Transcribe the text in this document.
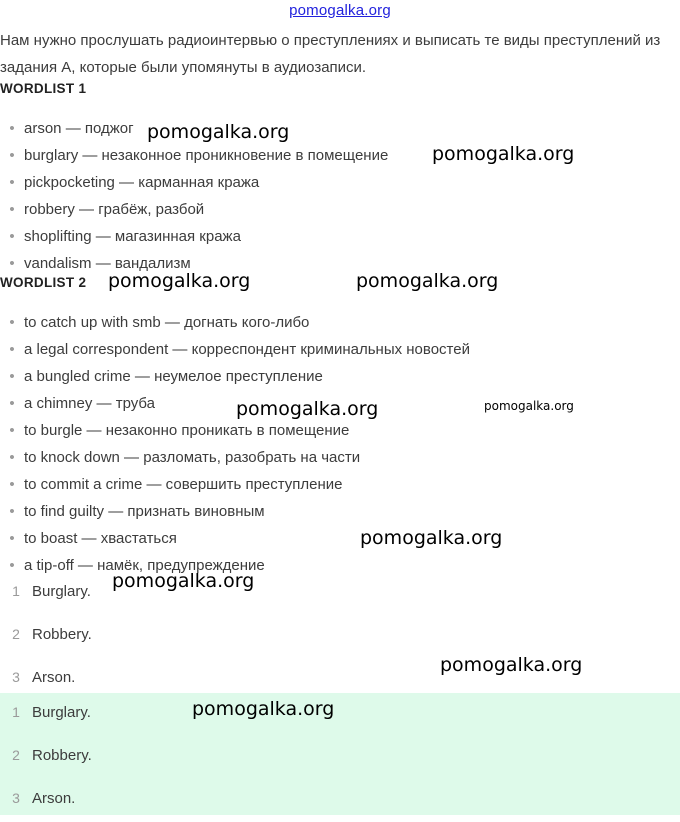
pomogalka.org
Нам нужно прослушать радиоинтервью о преступлениях и выписать те виды преступлений из задания А, которые были упомянуты в аудиозаписи.
WORDLIST 1
• arson — поджог
• burglary — незаконное проникновение в помещение
• pickpocketing — карманная кража
• robbery — грабёж, разбой
• shoplifting — магазинная кража
• vandalism — вандализм
WORDLIST 2
• to catch up with smb — догнать кого-либо
• a legal correspondent — корреспондент криминальных новостей
• a bungled crime — неумелое преступление
• a chimney — труба
• to burgle — незаконно проникать в помещение
• to knock down — разломать, разобрать на части
• to commit a crime — совершить преступление
• to find guilty — признать виновным
• to boast — хвастаться
• a tip-off — намёк, предупреждение
1 Burglary.
2 Robbery.
3 Arson.
1 Burglary.
2 Robbery.
3 Arson.
pomogalka.org
pomogalka.org
pomogalka.org	pomogalka.org
pomogalka.org	pomogalka.org
pomogalka.org
pomogalka.org
pomogalka.org
pomogalka.org
